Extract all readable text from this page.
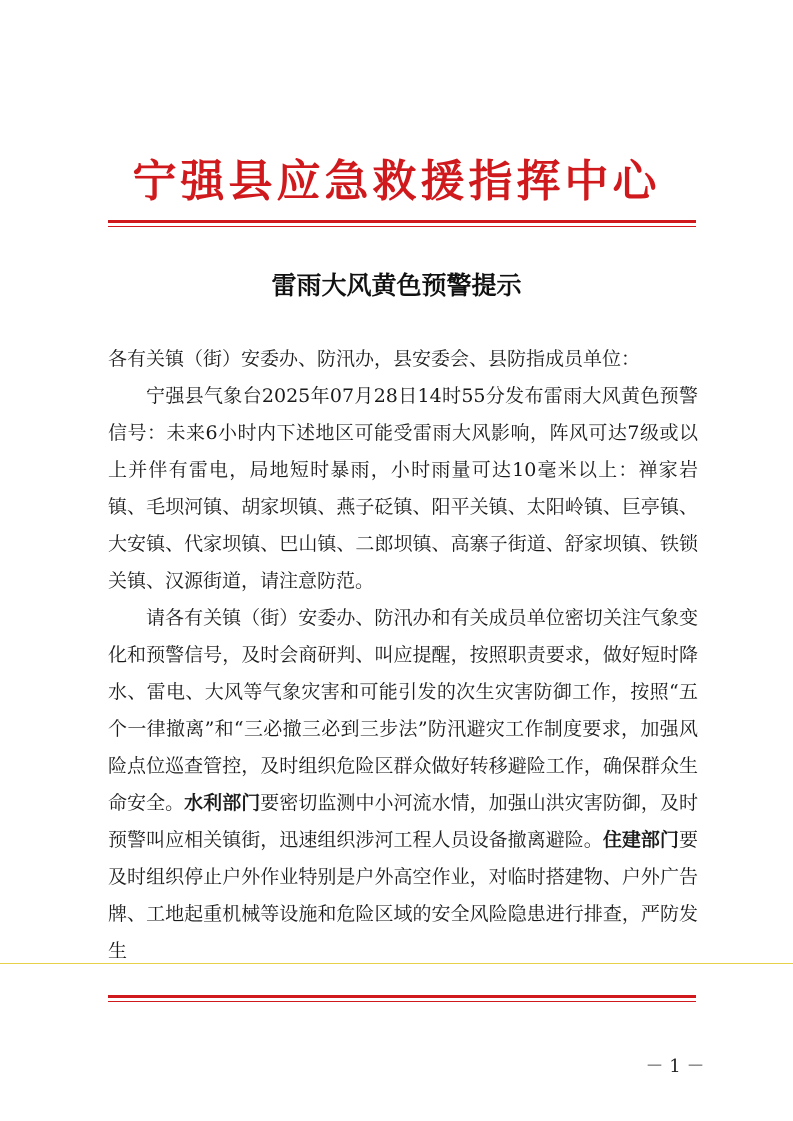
宁强县应急救援指挥中心
雷雨大风黄色预警提示

各有关镇（街）安委办、防汛办，县安委会、县防指成员单位：

宁强县气象台2025年07月28日14时55分发布雷雨大风黄色预警信号：未来6小时内下述地区可能受雷雨大风影响，阵风可达7级或以上并伴有雷电，局地短时暴雨，小时雨量可达10毫米以上：禅家岩镇、毛坝河镇、胡家坝镇、燕子砭镇、阳平关镇、太阳岭镇、巨亭镇、大安镇、代家坝镇、巴山镇、二郎坝镇、高寨子街道、舒家坝镇、铁锁关镇、汉源街道，请注意防范。

请各有关镇（街）安委办、防汛办和有关成员单位密切关注气象变化和预警信号，及时会商研判、叫应提醒，按照职责要求，做好短时降水、雷电、大风等气象灾害和可能引发的次生灾害防御工作，按照“五个一律撤离”和“三必撤三必到三步法”防汛避灾工作制度要求，加强风险点位巡查管控，及时组织危险区群众做好转移避险工作，确保群众生命安全。水利部门要密切监测中小河流水情，加强山洪灾害防御，及时预警叫应相关镇街，迅速组织涉河工程人员设备撤离避险。住建部门要及时组织停止户外作业特别是户外高空作业，对临时搭建物、户外广告牌、工地起重机械等设施和危险区域的安全风险隐患进行排查，严防发生

－ 1 －
